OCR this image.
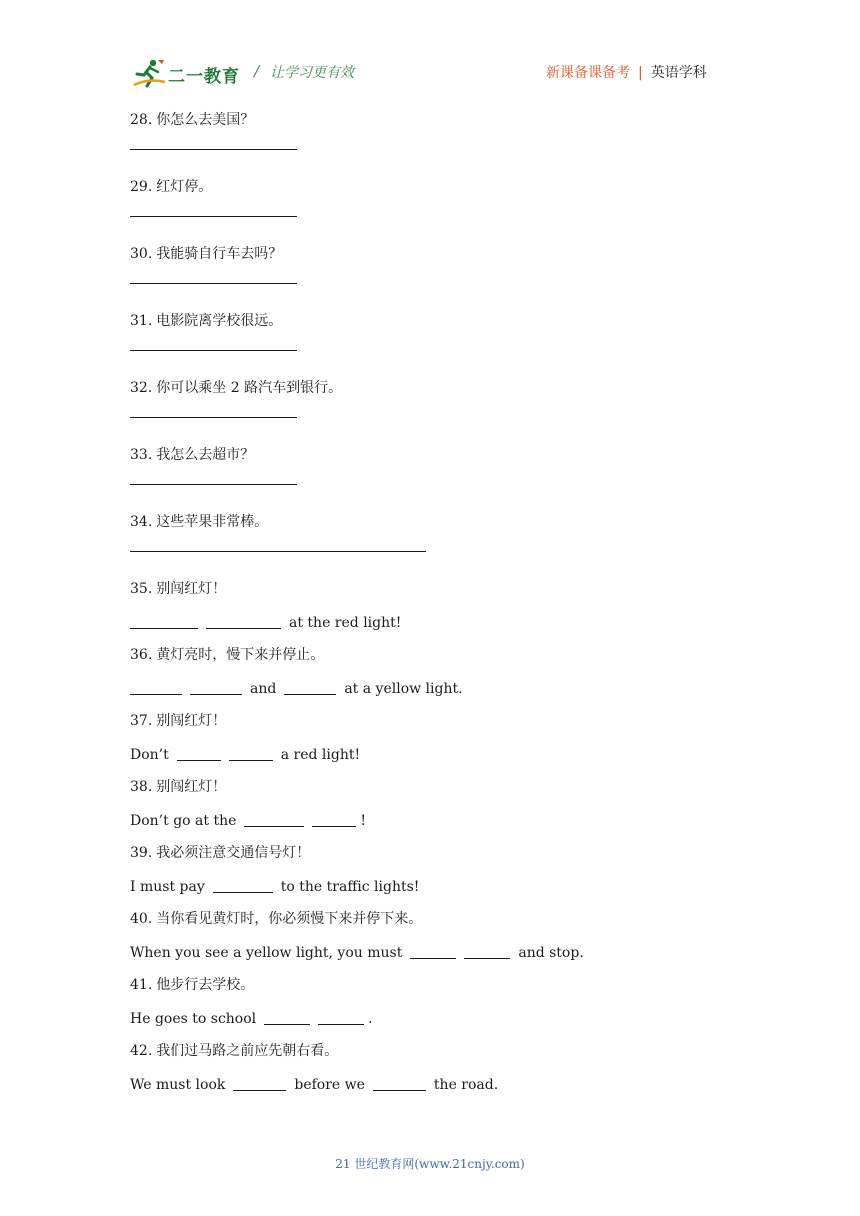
二一教育 / 让学习更有效	新课备课备考 | 英语学科
28. 你怎么去美国？
29. 红灯停。
30. 我能骑自行车去吗？
31. 电影院离学校很远。
32. 你可以乘坐 2 路汽车到银行。
33. 我怎么去超市？
34. 这些苹果非常棒。
35. 别闯红灯！
at the red light!
36. 黄灯亮时，慢下来并停止。
and	at a yellow light.
37. 别闯红灯！
Don’t	a red light!
38. 别闯红灯！
Don’t go at the	!
39. 我必须注意交通信号灯！
I must pay	to the traffic lights!
40. 当你看见黄灯时，你必须慢下来并停下来。
When you see a yellow light, you must	and stop.
41. 他步行去学校。
He goes to school	.
42. 我们过马路之前应先朝右看。
We must look	before we	the road.
21 世纪教育网(www.21cnjy.com)
